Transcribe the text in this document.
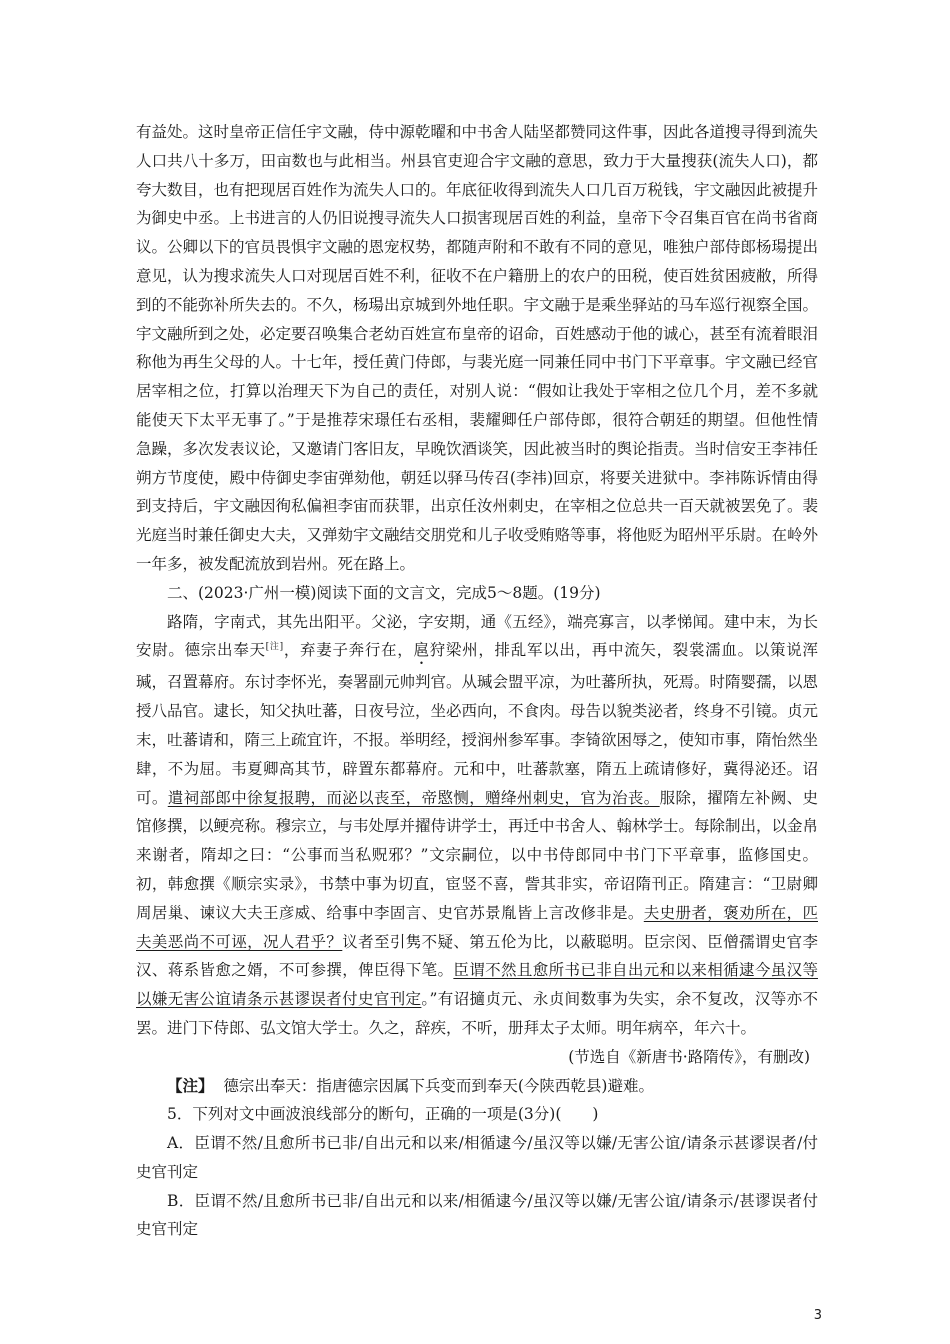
有益处。这时皇帝正信任宇文融，侍中源乾曜和中书舍人陆坚都赞同这件事，因此各道搜寻得到流失人口共八十多万，田亩数也与此相当。州县官吏迎合宇文融的意思，致力于大量搜获(流失人口)，都夸大数目，也有把现居百姓作为流失人口的。年底征收得到流失人口几百万税钱，宇文融因此被提升为御史中丞。上书进言的人仍旧说搜寻流失人口损害现居百姓的利益，皇帝下令召集百官在尚书省商议。公卿以下的官员畏惧宇文融的恩宠权势，都随声附和不敢有不同的意见，唯独户部侍郎杨瑒提出意见，认为搜求流失人口对现居百姓不利，征收不在户籍册上的农户的田税，使百姓贫困疲敝，所得到的不能弥补所失去的。不久，杨瑒出京城到外地任职。宇文融于是乘坐驿站的马车巡行视察全国。宇文融所到之处，必定要召唤集合老幼百姓宣布皇帝的诏命，百姓感动于他的诚心，甚至有流着眼泪称他为再生父母的人。十七年，授任黄门侍郎，与裴光庭一同兼任同中书门下平章事。宇文融已经官居宰相之位，打算以治理天下为自己的责任，对别人说：“假如让我处于宰相之位几个月，差不多就能使天下太平无事了。”于是推荐宋璟任右丞相，裴耀卿任户部侍郎，很符合朝廷的期望。但他性情急躁，多次发表议论，又邀请门客旧友，早晚饮酒谈笑，因此被当时的舆论指责。当时信安王李祎任朔方节度使，殿中侍御史李宙弹劾他，朝廷以驿马传召(李祎)回京，将要关进狱中。李祎陈诉情由得到支持后，宇文融因徇私偏袒李宙而获罪，出京任汝州刺史，在宰相之位总共一百天就被罢免了。裴光庭当时兼任御史大夫，又弹劾宇文融结交朋党和儿子收受贿赂等事，将他贬为昭州平乐尉。在岭外一年多，被发配流放到岩州。死在路上。

二、(2023·广州一模)阅读下面的文言文，完成5～8题。(19分)

路隋，字南式，其先出阳平。父泌，字安期，通《五经》，端亮寡言，以孝悌闻。建中末，为长安尉。德宗出奉天[注]，弃妻子奔行在，扈狩梁州，排乱军以出，再中流矢，裂裳濡血。以策说浑瑊，召置幕府。东讨李怀光，奏署副元帅判官。从瑊会盟平凉，为吐蕃所执，死焉。时隋婴孺，以恩授八品官。逮长，知父执吐蕃，日夜号泣，坐必西向，不食肉。母告以貌类泌者，终身不引镜。贞元末，吐蕃请和，隋三上疏宜许，不报。举明经，授润州参军事。李锜欲困辱之，使知市事，隋怡然坐肆，不为屈。韦夏卿高其节，辟置东都幕府。元和中，吐蕃款塞，隋五上疏请修好，冀得泌还。诏可。遣祠部郎中徐复报聘，而泌以丧至，帝愍恻，赠绛州刺史，官为治丧。服除，擢隋左补阙、史馆修撰，以鲠亮称。穆宗立，与韦处厚并擢侍讲学士，再迁中书舍人、翰林学士。每除制出，以金帛来谢者，隋却之曰：“公事而当私贶邪？”文宗嗣位，以中书侍郎同中书门下平章事，监修国史。初，韩愈撰《顺宗实录》，书禁中事为切直，宦竖不喜，訾其非实，帝诏隋刊正。隋建言：“卫尉卿周居巢、谏议大夫王彦威、给事中李固言、史官苏景胤皆上言改修非是。夫史册者，褒劝所在，匹夫美恶尚不可诬，况人君乎？议者至引隽不疑、第五伦为比，以蔽聪明。臣宗闵、臣僧孺谓史官李汉、蒋系皆愈之婿，不可参撰，俾臣得下笔。臣谓不然且愈所书已非自出元和以来相循逮今虽汉等以嫌无害公谊请条示甚谬误者付史官刊定。”有诏擿贞元、永贞间数事为失实，余不复改，汉等亦不罢。进门下侍郎、弘文馆大学士。久之，辞疾，不听，册拜太子太师。明年病卒，年六十。

(节选自《新唐书·路隋传》，有删改)

【注】 德宗出奉天：指唐德宗因属下兵变而到奉天(今陕西乾县)避难。

5．下列对文中画波浪线部分的断句，正确的一项是(3分)(　　)

A．臣谓不然/且愈所书已非/自出元和以来/相循逮今/虽汉等以嫌/无害公谊/请条示甚谬误者/付史官刊定

B．臣谓不然/且愈所书已非/自出元和以来/相循逮今/虽汉等以嫌/无害公谊/请条示/甚谬误者付史官刊定

3
